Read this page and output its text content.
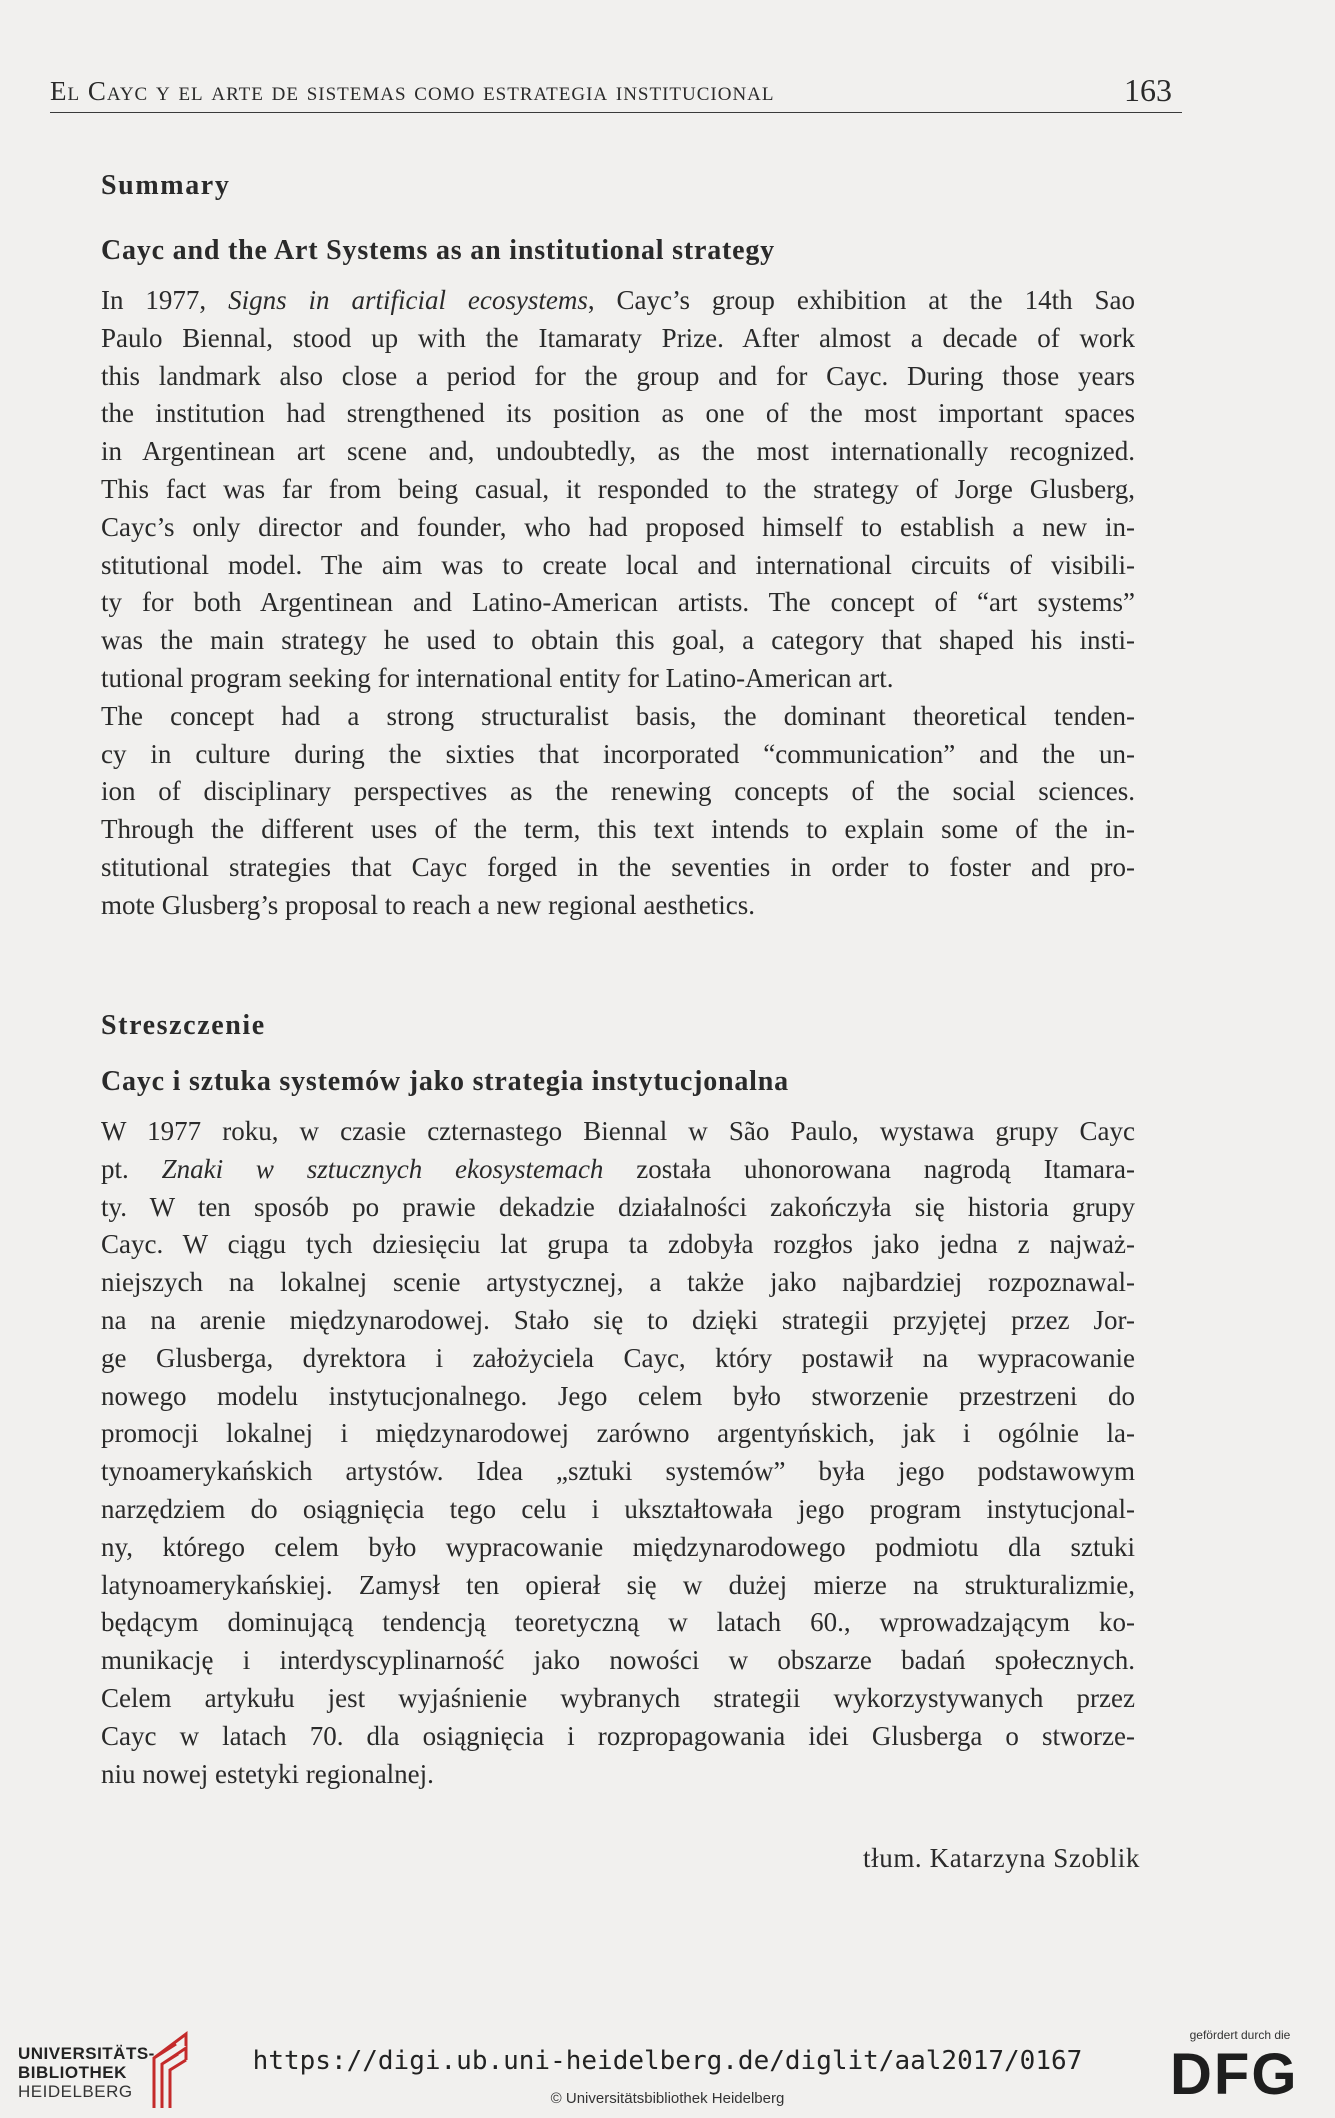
El Cayc y el arte de sistemas como estrategia institucional	163
Summary
Cayc and the Art Systems as an institutional strategy
In 1977, Signs in artificial ecosystems, Cayc’s group exhibition at the 14th Sao
Paulo Biennal, stood up with the Itamaraty Prize. After almost a decade of work
this landmark also close a period for the group and for Cayc. During those years
the institution had strengthened its position as one of the most important spaces
in Argentinean art scene and, undoubtedly, as the most internationally recognized.
This fact was far from being casual, it responded to the strategy of Jorge Glusberg,
Cayc’s only director and founder, who had proposed himself to establish a new in-
stitutional model. The aim was to create local and international circuits of visibili-
ty for both Argentinean and Latino-American artists. The concept of “art systems”
was the main strategy he used to obtain this goal, a category that shaped his insti-
tutional program seeking for international entity for Latino-American art.
The concept had a strong structuralist basis, the dominant theoretical tenden-
cy in culture during the sixties that incorporated “communication” and the un-
ion of disciplinary perspectives as the renewing concepts of the social sciences.
Through the different uses of the term, this text intends to explain some of the in-
stitutional strategies that Cayc forged in the seventies in order to foster and pro-
mote Glusberg’s proposal to reach a new regional aesthetics.
Streszczenie
Cayc i sztuka systemów jako strategia instytucjonalna
W 1977 roku, w czasie czternastego Biennal w São Paulo, wystawa grupy Cayc
pt. Znaki w sztucznych ekosystemach została uhonorowana nagrodą Itamara-
ty. W ten sposób po prawie dekadzie działalności zakończyła się historia grupy
Cayc. W ciągu tych dziesięciu lat grupa ta zdobyła rozgłos jako jedna z najważ-
niejszych na lokalnej scenie artystycznej, a także jako najbardziej rozpoznawal-
na na arenie międzynarodowej. Stało się to dzięki strategii przyjętej przez Jor-
ge Glusberga, dyrektora i założyciela Cayc, który postawił na wypracowanie
nowego modelu instytucjonalnego. Jego celem było stworzenie przestrzeni do
promocji lokalnej i międzynarodowej zarówno argentyńskich, jak i ogólnie la-
tynoamerykańskich artystów. Idea „sztuki systemów” była jego podstawowym
narzędziem do osiągnięcia tego celu i ukształtowała jego program instytucjonal-
ny, którego celem było wypracowanie międzynarodowego podmiotu dla sztuki
latynoamerykańskiej. Zamysł ten opierał się w dużej mierze na strukturalizmie,
będącym dominującą tendencją teoretyczną w latach 60., wprowadzającym ko-
munikację i interdyscyplinarność jako nowości w obszarze badań społecznych.
Celem artykułu jest wyjaśnienie wybranych strategii wykorzystywanych przez
Cayc w latach 70. dla osiągnięcia i rozpropagowania idei Glusberga o stworze-
niu nowej estetyki regionalnej.
tłum. Katarzyna Szoblik
UNIVERSITÄTS-
BIBLIOTHEK
HEIDELBERG
https://digi.ub.uni-heidelberg.de/diglit/aal2017/0167
© Universitätsbibliothek Heidelberg
gefördert durch die
DFG
